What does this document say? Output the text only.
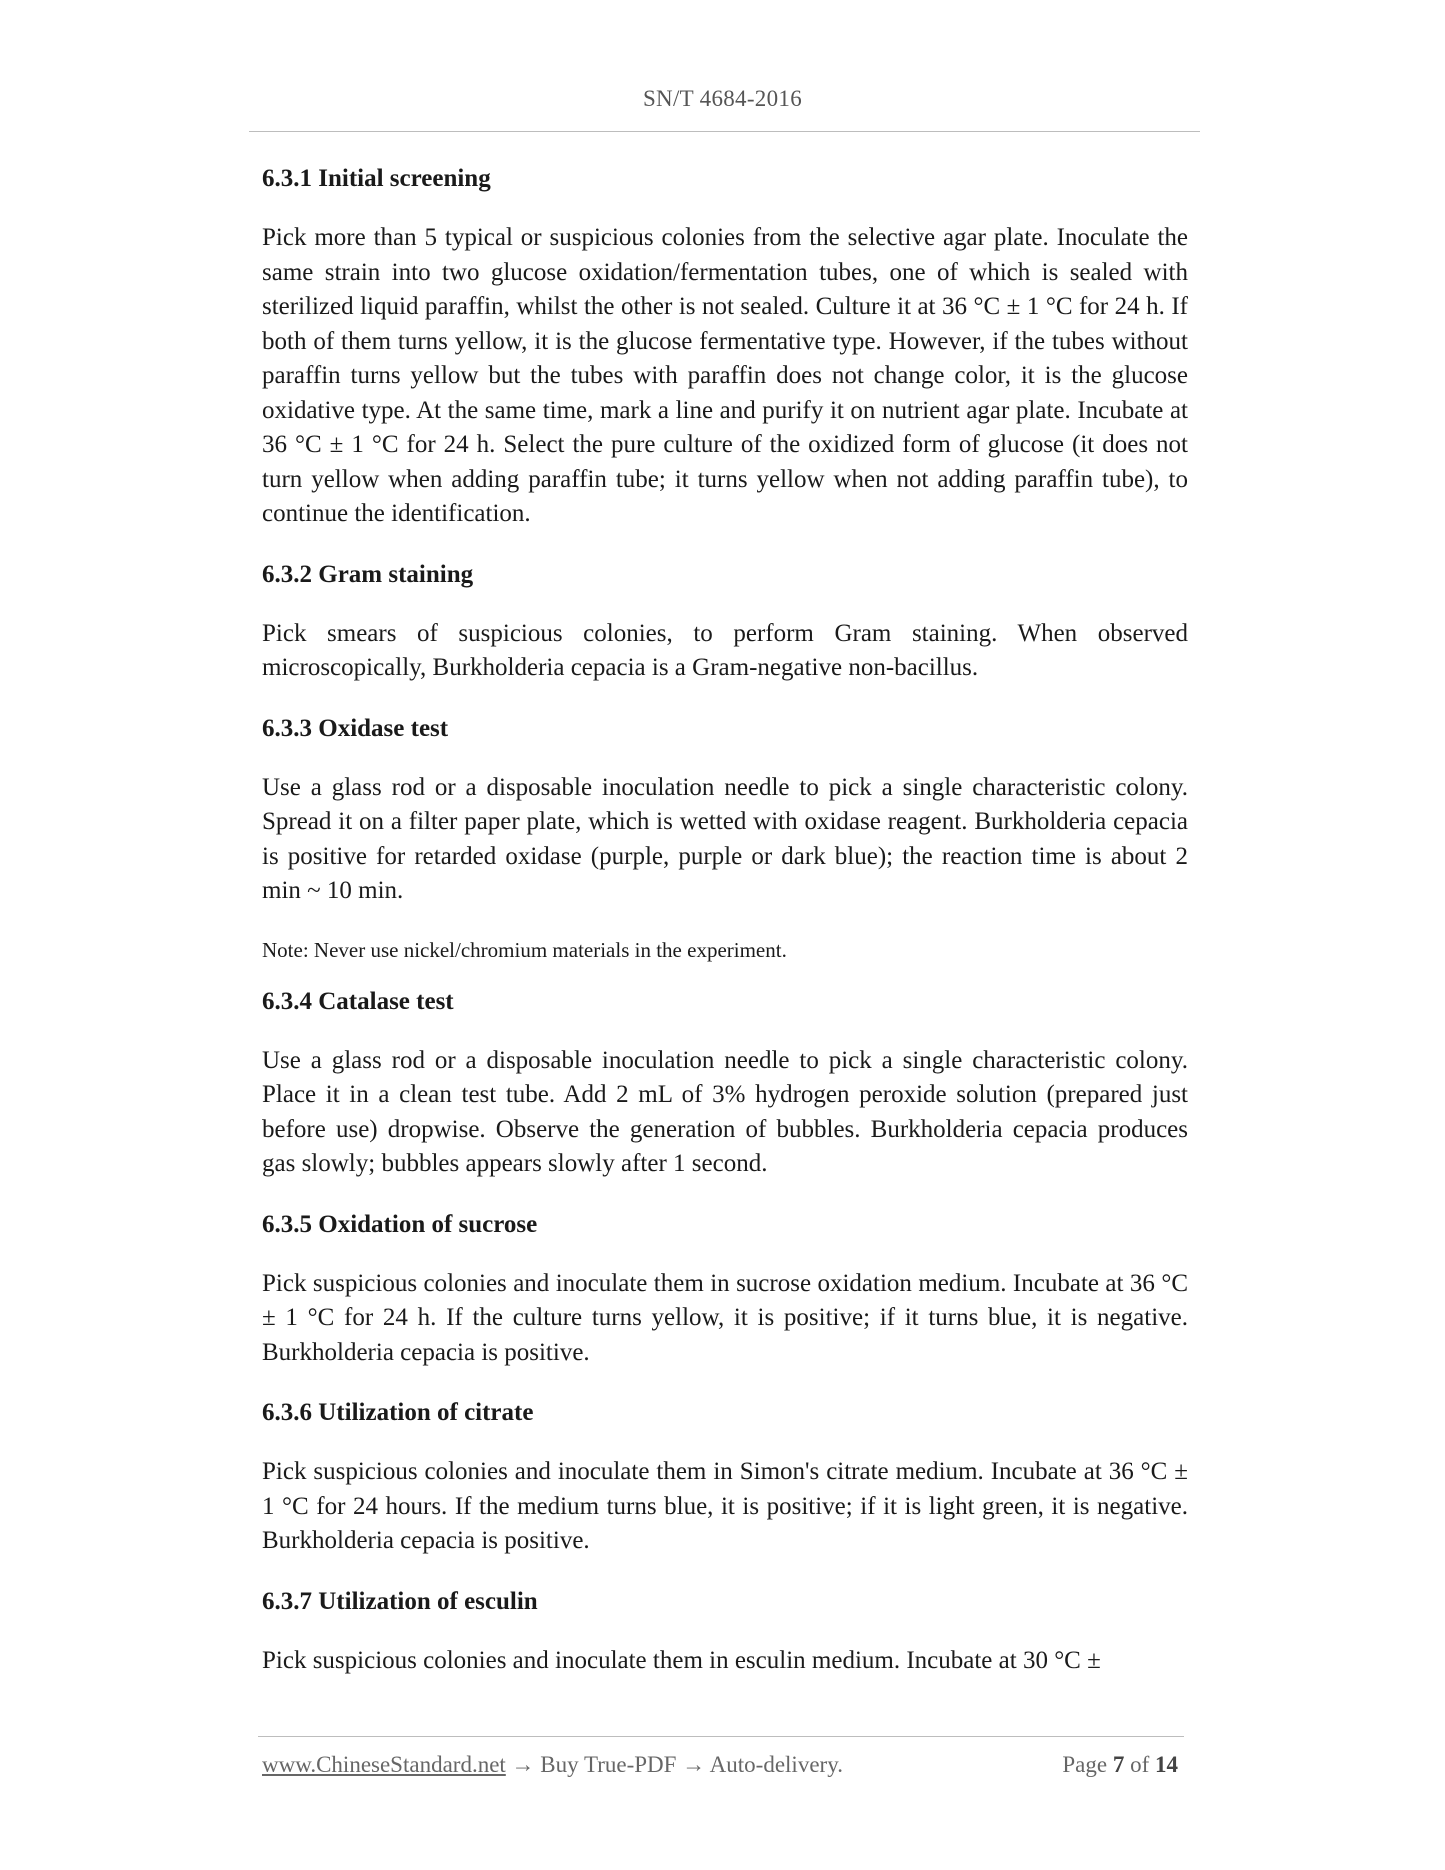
SN/T 4684-2016
6.3.1 Initial screening

Pick more than 5 typical or suspicious colonies from the selective agar plate. Inoculate the same strain into two glucose oxidation/fermentation tubes, one of which is sealed with sterilized liquid paraffin, whilst the other is not sealed. Culture it at 36 °C ± 1 °C for 24 h. If both of them turns yellow, it is the glucose fermentative type. However, if the tubes without paraffin turns yellow but the tubes with paraffin does not change color, it is the glucose oxidative type. At the same time, mark a line and purify it on nutrient agar plate. Incubate at 36 °C ± 1 °C for 24 h. Select the pure culture of the oxidized form of glucose (it does not turn yellow when adding paraffin tube; it turns yellow when not adding paraffin tube), to continue the identification.

6.3.2 Gram staining

Pick smears of suspicious colonies, to perform Gram staining. When observed microscopically, Burkholderia cepacia is a Gram-negative non-bacillus.

6.3.3 Oxidase test

Use a glass rod or a disposable inoculation needle to pick a single characteristic colony. Spread it on a filter paper plate, which is wetted with oxidase reagent. Burkholderia cepacia is positive for retarded oxidase (purple, purple or dark blue); the reaction time is about 2 min ~ 10 min.

Note: Never use nickel/chromium materials in the experiment.

6.3.4 Catalase test

Use a glass rod or a disposable inoculation needle to pick a single characteristic colony. Place it in a clean test tube. Add 2 mL of 3% hydrogen peroxide solution (prepared just before use) dropwise. Observe the generation of bubbles. Burkholderia cepacia produces gas slowly; bubbles appears slowly after 1 second.

6.3.5 Oxidation of sucrose

Pick suspicious colonies and inoculate them in sucrose oxidation medium. Incubate at 36 °C ± 1 °C for 24 h. If the culture turns yellow, it is positive; if it turns blue, it is negative. Burkholderia cepacia is positive.

6.3.6 Utilization of citrate

Pick suspicious colonies and inoculate them in Simon's citrate medium. Incubate at 36 °C ± 1 °C for 24 hours. If the medium turns blue, it is positive; if it is light green, it is negative. Burkholderia cepacia is positive.

6.3.7 Utilization of esculin

Pick suspicious colonies and inoculate them in esculin medium. Incubate at 30 °C ±

www.ChineseStandard.net → Buy True-PDF → Auto-delivery.	Page 7 of 14
